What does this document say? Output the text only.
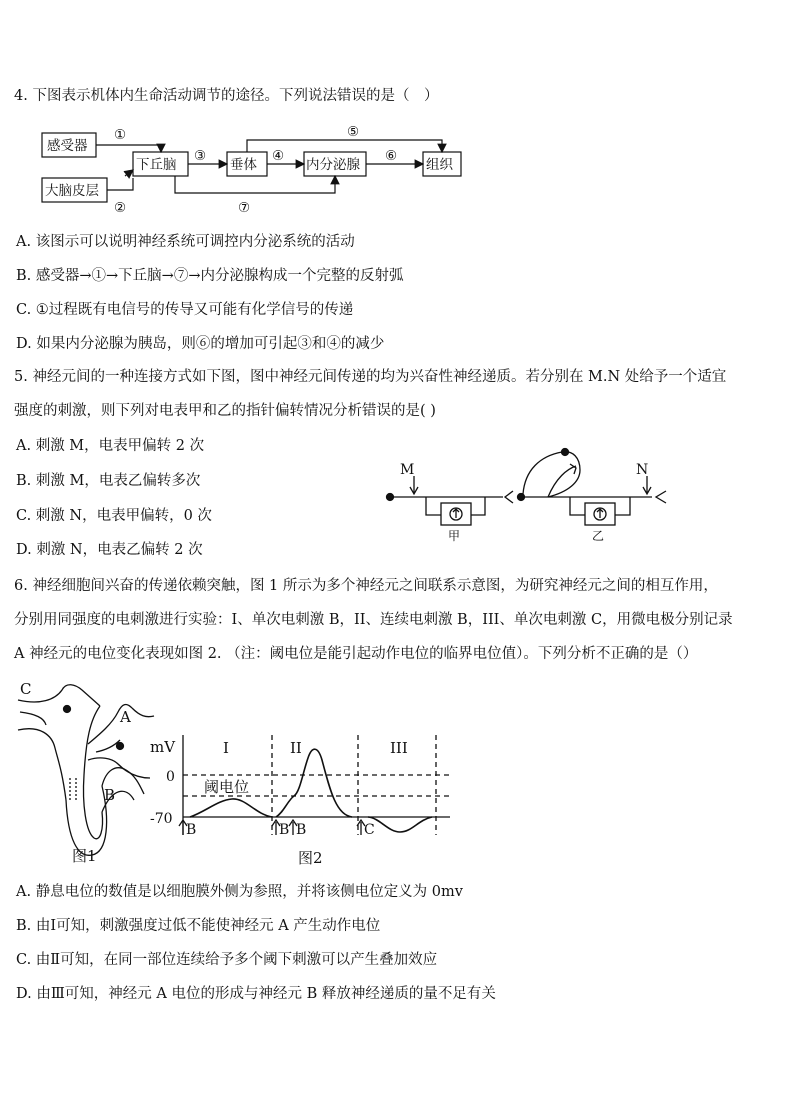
4. 下图表示机体内生命活动调节的途径。下列说法错误的是（　）
感受器
大脑皮层
下丘脑	垂体	内分泌腺	组织
①
②
③	④
⑤
⑥
⑦
A. 该图示可以说明神经系统可调控内分泌系统的活动
B. 感受器→①→下丘脑→⑦→内分泌腺构成一个完整的反射弧
C. ①过程既有电信号的传导又可能有化学信号的传递
D. 如果内分泌腺为胰岛，则⑥的增加可引起③和④的减少
5. 神经元间的一种连接方式如下图，图中神经元间传递的均为兴奋性神经递质。若分别在 M.N 处给予一个适宜
强度的刺激，则下列对电表甲和乙的指针偏转情况分析错误的是( )
A. 刺激 M，电表甲偏转 2 次
B. 刺激 M，电表乙偏转多次
C. 刺激 N，电表甲偏转，0 次
D. 刺激 N，电表乙偏转 2 次
M	N
甲	乙
6. 神经细胞间兴奋的传递依赖突触，图 1 所示为多个神经元之间联系示意图，为研究神经元之间的相互作用，
分别用同强度的电刺激进行实验：I、单次电刺激 B，II、连续电刺激 B，III、单次电刺激 C，用微电极分别记录
A 神经元的电位变化表现如图 2. （注：阈电位是能引起动作电位的临界电位值）。下列分析不正确的是（）
C
A
B
图1
mV
0
-70
阈电位
I	II	III
B	B B	C
图2
A. 静息电位的数值是以细胞膜外侧为参照，并将该侧电位定义为 0mv
B. 由Ⅰ可知，刺激强度过低不能使神经元 A 产生动作电位
C. 由Ⅱ可知，在同一部位连续给予多个阈下刺激可以产生叠加效应
D. 由Ⅲ可知，神经元 A 电位的形成与神经元 B 释放神经递质的量不足有关
